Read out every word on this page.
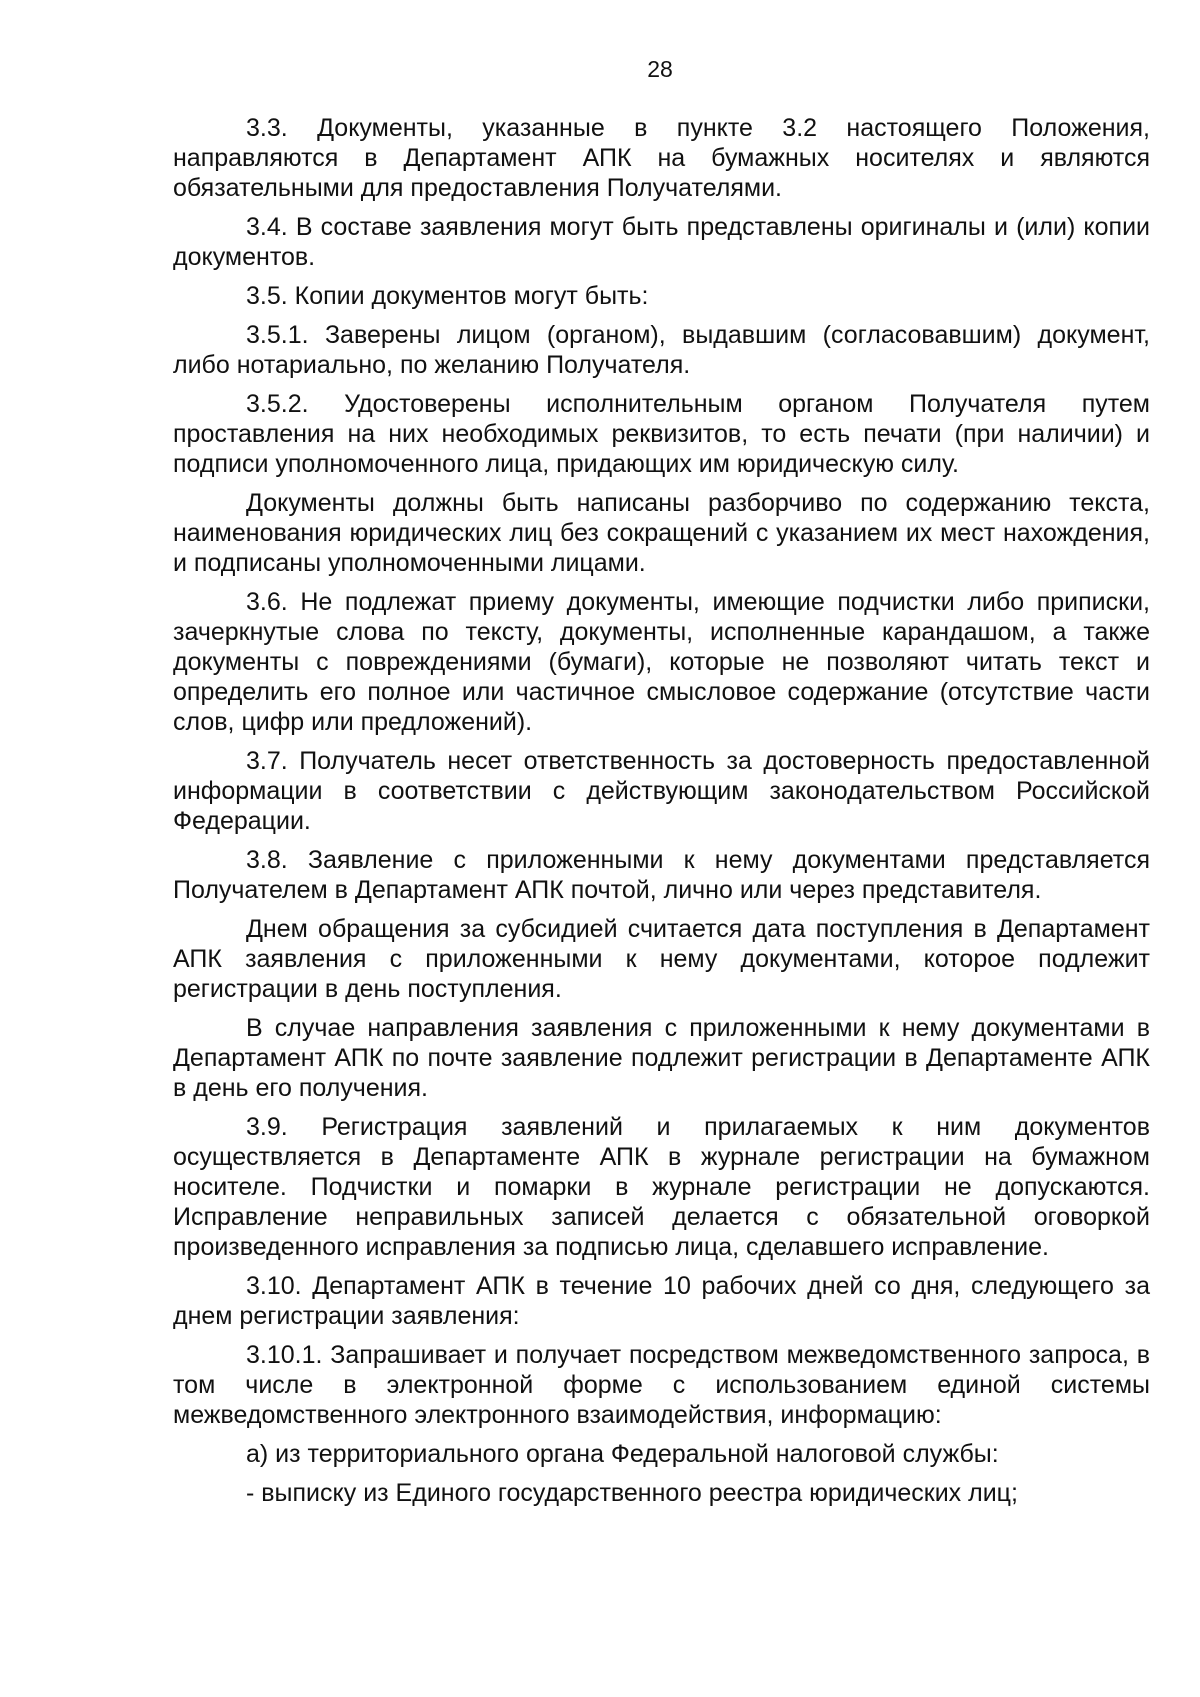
28

3.3. Документы, указанные в пункте 3.2 настоящего Положения, направляются в Департамент АПК на бумажных носителях и являются обязательными для предоставления Получателями.

3.4. В составе заявления могут быть представлены оригиналы и (или) копии документов.

3.5. Копии документов могут быть:

3.5.1. Заверены лицом (органом), выдавшим (согласовавшим) документ, либо нотариально, по желанию Получателя.

3.5.2. Удостоверены исполнительным органом Получателя путем проставления на них необходимых реквизитов, то есть печати (при наличии) и подписи уполномоченного лица, придающих им юридическую силу.

Документы должны быть написаны разборчиво по содержанию текста, наименования юридических лиц без сокращений с указанием их мест нахождения, и подписаны уполномоченными лицами.

3.6. Не подлежат приему документы, имеющие подчистки либо приписки, зачеркнутые слова по тексту, документы, исполненные карандашом, а также документы с повреждениями (бумаги), которые не позволяют читать текст и определить его полное или частичное смысловое содержание (отсутствие части слов, цифр или предложений).

3.7. Получатель несет ответственность за достоверность предоставленной информации в соответствии с действующим законодательством Российской Федерации.

3.8. Заявление с приложенными к нему документами представляется Получателем в Департамент АПК почтой, лично или через представителя.

Днем обращения за субсидией считается дата поступления в Департамент АПК заявления с приложенными к нему документами, которое подлежит регистрации в день поступления.

В случае направления заявления с приложенными к нему документами в Департамент АПК по почте заявление подлежит регистрации в Департаменте АПК в день его получения.

3.9. Регистрация заявлений и прилагаемых к ним документов осуществляется в Департаменте АПК в журнале регистрации на бумажном носителе. Подчистки и помарки в журнале регистрации не допускаются. Исправление неправильных записей делается с обязательной оговоркой произведенного исправления за подписью лица, сделавшего исправление.

3.10. Департамент АПК в течение 10 рабочих дней со дня, следующего за днем регистрации заявления:

3.10.1. Запрашивает и получает посредством межведомственного запроса, в том числе в электронной форме с использованием единой системы межведомственного электронного взаимодействия, информацию:

а) из территориального органа Федеральной налоговой службы:

- выписку из Единого государственного реестра юридических лиц;
